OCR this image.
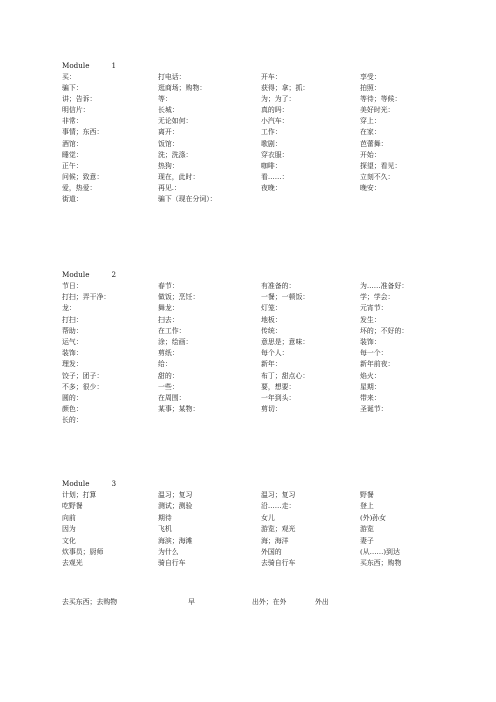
Module	1
买：	打电话：	开车：	享受：
骗下：	逛商场；购物：	获得；拿；抓：	拍照：
讲；告诉：	等：	为；为了：	等待；等候：
明信片：	长城：	真的吗：	美好时光：
非常：	无论如何：	小汽车：	穿上：
事情；东西：	离开：	工作：	在家：
酒馆：	饭馆：	歌剧：	芭蕾舞：
睡觉：	洗；洗涤：	穿衣服：	开始：
正午：	热狗：	咖啡：	探望；看见：
问候；致意：	现在，此时：	看……：	立刻不久：
爱，热爱：	再见.：	夜晚：	晚安：
街道：	骗下（现在分词）：
Module	2
节日：	春节：	有准备的：	为……准备好：
打扫；弄干净：	做饭；烹饪：	一餐；一顿饭：	学；学会：
龙：	舞龙：	灯笼：	元宵节：
打扫：	扫去：	地板：	发生：
帮助：	在工作：	传统：	坏的；不好的：
运气：	涂；绘画：	意思是；意味：	装饰：
装饰：	剪纸：	每个人：	每一个：
理发：	给：	新年：	新年前夜：
饺子；团子：	甜的：	布丁；甜点心：	焰火：
不多；很少：	一些：	要，想要：	星期：
圆的：	在周围：	一年到头：	带来：
颜色：	某事；某物：	剪切：	圣诞节：
长的：
Module	3
计划；打算	温习；复习	温习；复习	野餐
吃野餐	测试；测验	沿……走：	登上
向前	期待	女儿	(外)孙女
因为	飞机	游览；观光	游览
文化	海滨；海滩	海；海洋	妻子
炊事员；厨师	为什么	外国的	(从……)到达
去观光	骑自行车	去骑自行车	买东西；购物
去买东西；去购物	早	出外；在外	外出
